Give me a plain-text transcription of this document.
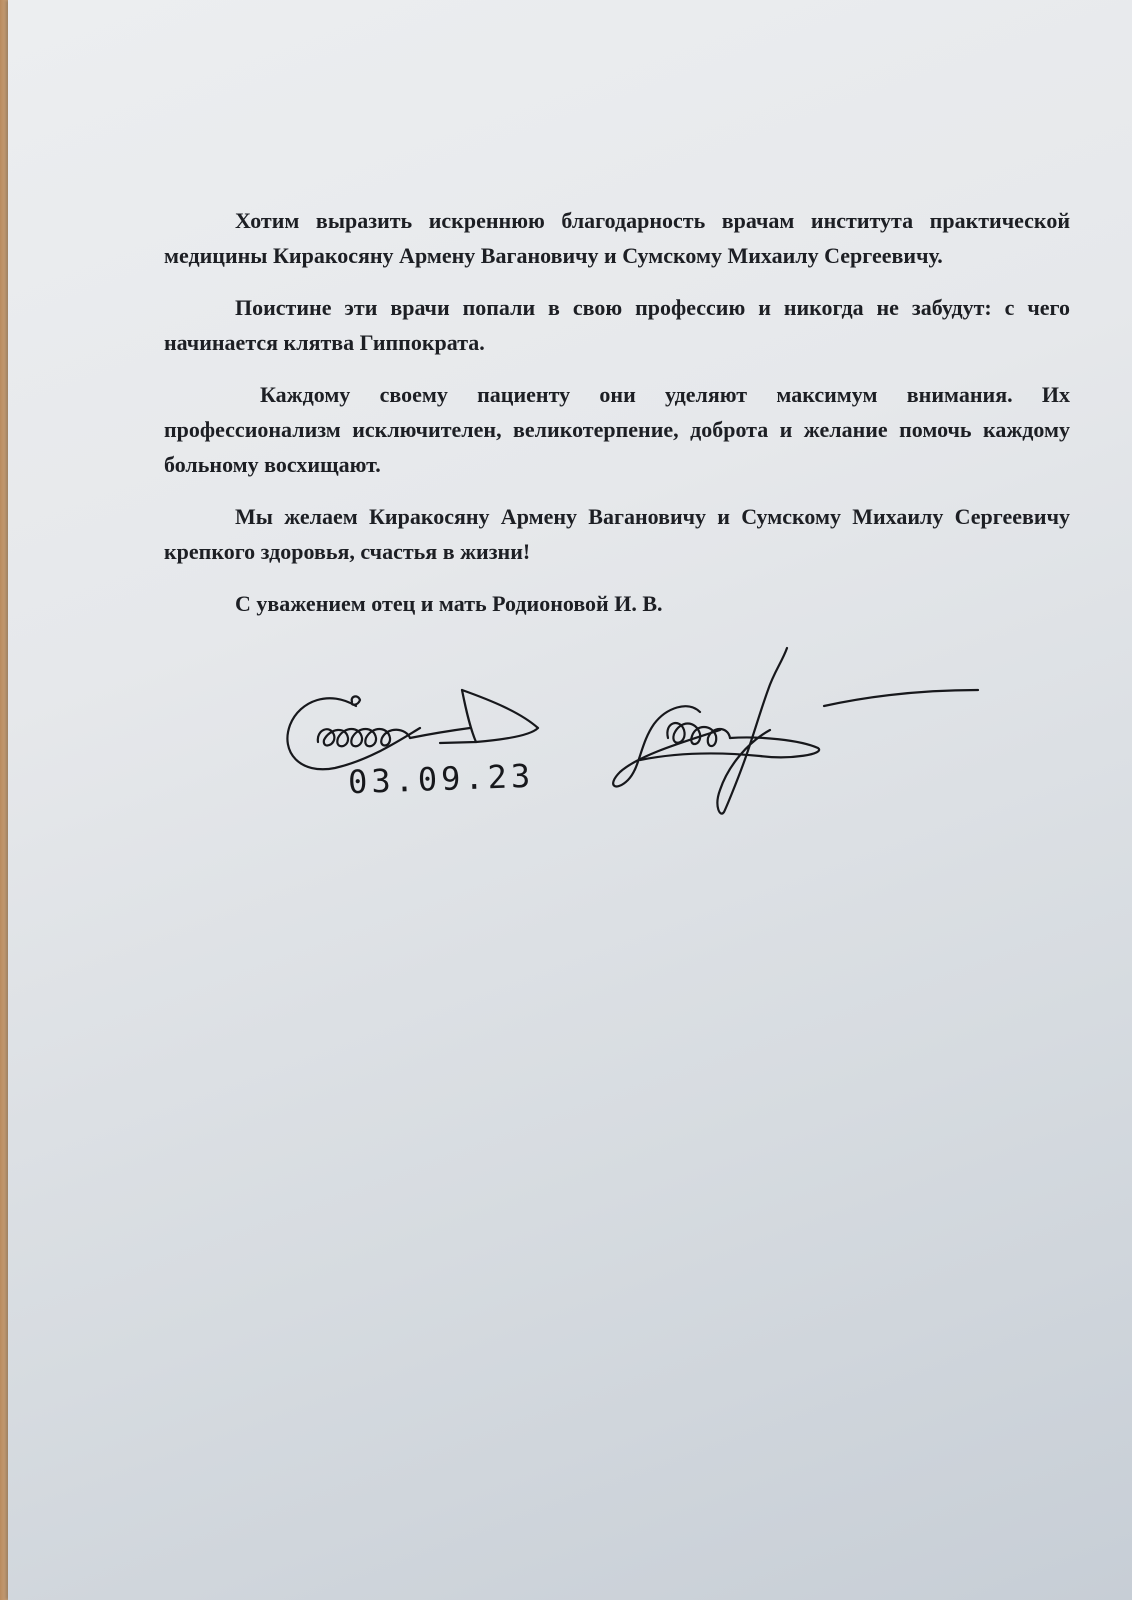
Хотим выразить искреннюю благодарность врачам института практической медицины Киракосяну Армену Вагановичу и Сумскому Михаилу Сергеевичу.

Поистине эти врачи попали в свою профессию и никогда не забудут: с чего начинается клятва Гиппократа.

Каждому своему пациенту они уделяют максимум внимания. Их профессионализм исключителен, великотерпение, доброта и желание помочь каждому больному восхищают.

Мы желаем Киракосяну Армену Вагановичу и Сумскому Михаилу Сергеевичу крепкого здоровья, счастья в жизни!

С уважением отец и мать Родионовой И. В.

03.09.23
